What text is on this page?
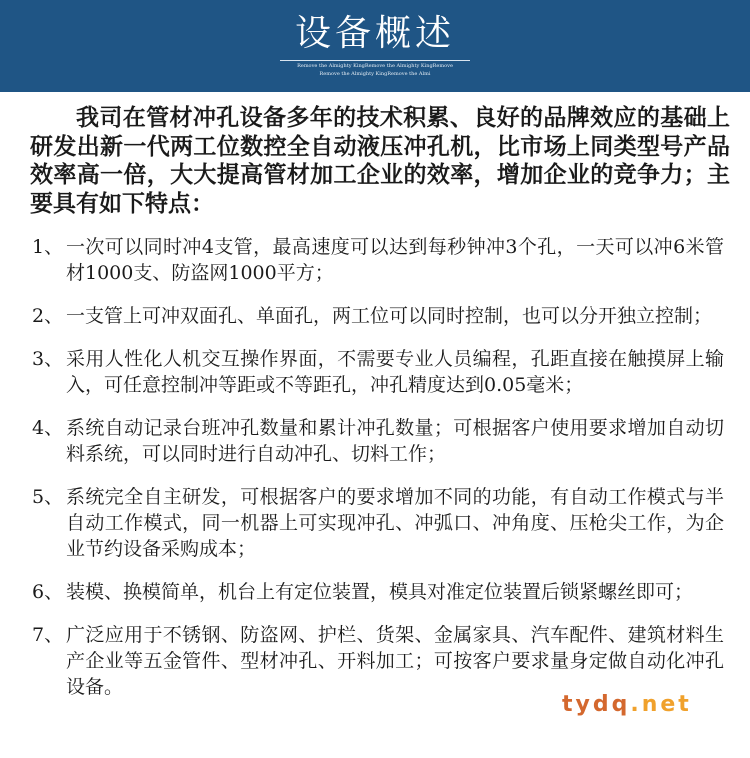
设备概述
Remove the Almighty KingRemove the Almighty KingRemove
Remove the Almighty KingRemove the Almi

我司在管材冲孔设备多年的技术积累、良好的品牌效应的基础上研发出新一代两工位数控全自动液压冲孔机，比市场上同类型号产品效率高一倍，大大提高管材加工企业的效率，增加企业的竞争力；主要具有如下特点：

1、 一次可以同时冲4支管，最高速度可以达到每秒钟冲3个孔，一天可以冲6米管材1000支、防盗网1000平方；
2、 一支管上可冲双面孔、单面孔，两工位可以同时控制，也可以分开独立控制；
3、 采用人性化人机交互操作界面，不需要专业人员编程，孔距直接在触摸屏上输入，可任意控制冲等距或不等距孔，冲孔精度达到0.05毫米；
4、 系统自动记录台班冲孔数量和累计冲孔数量；可根据客户使用要求增加自动切料系统，可以同时进行自动冲孔、切料工作；
5、 系统完全自主研发，可根据客户的要求增加不同的功能，有自动工作模式与半自动工作模式，同一机器上可实现冲孔、冲弧口、冲角度、压枪尖工作，为企业节约设备采购成本；
6、 装模、换模简单，机台上有定位装置，模具对准定位装置后锁紧螺丝即可；
7、 广泛应用于不锈钢、防盗网、护栏、货架、金属家具、汽车配件、建筑材料生产企业等五金管件、型材冲孔、开料加工；可按客户要求量身定做自动化冲孔设备。
tydq.net
